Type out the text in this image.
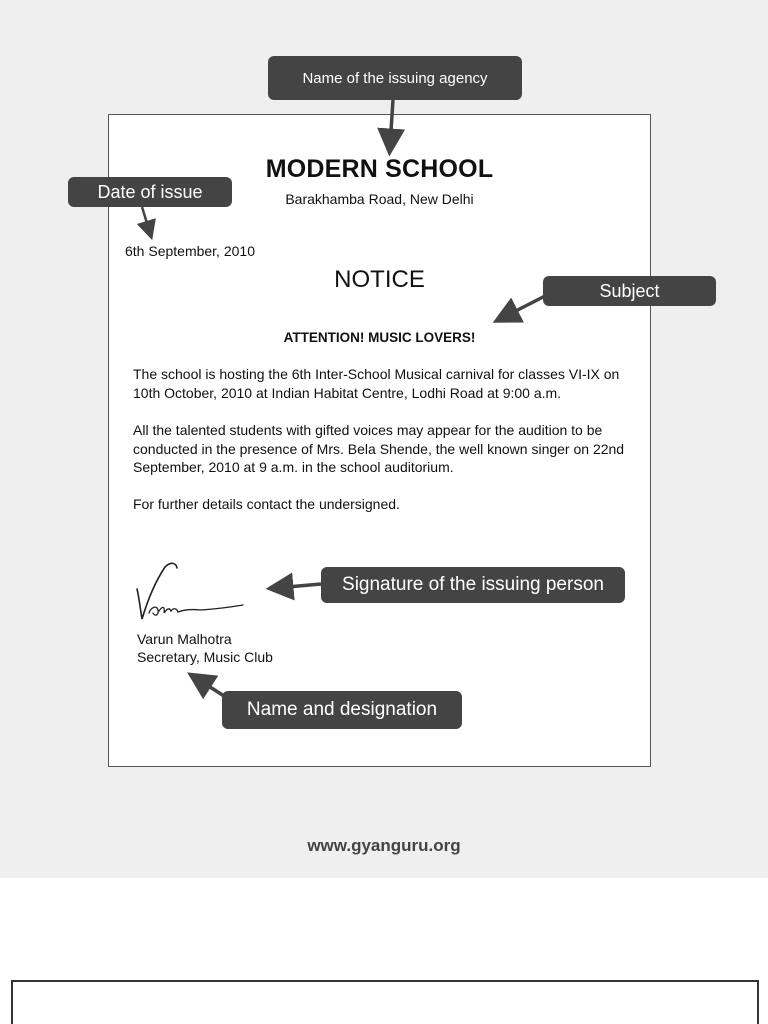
MODERN SCHOOL
Barakhamba Road, New Delhi
6th September, 2010
NOTICE
ATTENTION! MUSIC LOVERS!

The school is hosting the 6th Inter-School Musical carnival for classes VI-IX on 10th October, 2010 at Indian Habitat Centre, Lodhi Road at 9:00 a.m.

All the talented students with gifted voices may appear for the audition to be conducted in the presence of Mrs. Bela Shende, the well known singer on 22nd September, 2010 at 9 a.m. in the school auditorium.

For further details contact the undersigned.

Varun Malhotra
Secretary, Music Club
Name of the issuing agency
Date of issue
Subject
Signature of the issuing person
Name and designation
www.gyanguru.org
